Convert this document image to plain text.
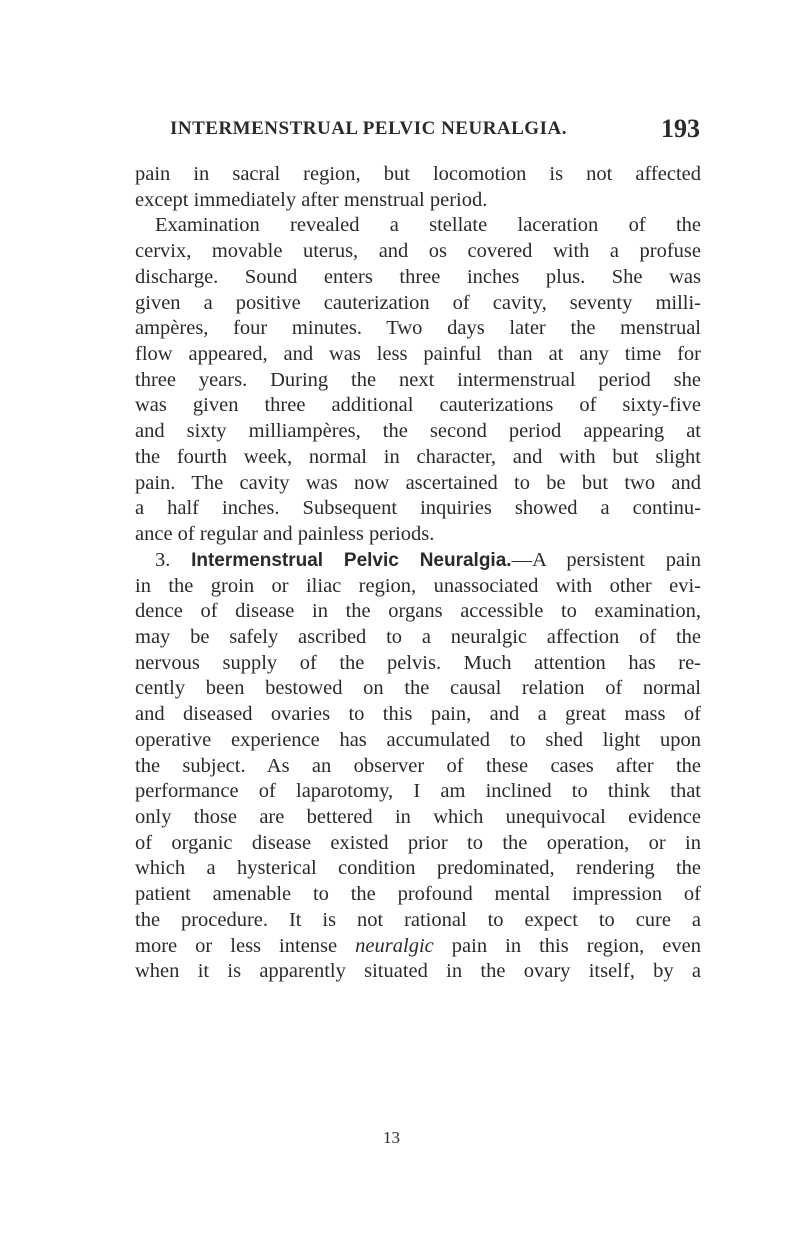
INTERMENSTRUAL PELVIC NEURALGIA.	193
pain in sacral region, but locomotion is not affected
except immediately after menstrual period.
Examination revealed a stellate laceration of the
cervix, movable uterus, and os covered with a profuse
discharge. Sound enters three inches plus. She was
given a positive cauterization of cavity, seventy milli-
ampères, four minutes. Two days later the menstrual
flow appeared, and was less painful than at any time for
three years. During the next intermenstrual period she
was given three additional cauterizations of sixty-five
and sixty milliampères, the second period appearing at
the fourth week, normal in character, and with but slight
pain. The cavity was now ascertained to be but two and
a half inches. Subsequent inquiries showed a continu-
ance of regular and painless periods.
3. Intermenstrual Pelvic Neuralgia.—A persistent pain
in the groin or iliac region, unassociated with other evi-
dence of disease in the organs accessible to examination,
may be safely ascribed to a neuralgic affection of the
nervous supply of the pelvis. Much attention has re-
cently been bestowed on the causal relation of normal
and diseased ovaries to this pain, and a great mass of
operative experience has accumulated to shed light upon
the subject. As an observer of these cases after the
performance of laparotomy, I am inclined to think that
only those are bettered in which unequivocal evidence
of organic disease existed prior to the operation, or in
which a hysterical condition predominated, rendering the
patient amenable to the profound mental impression of
the procedure. It is not rational to expect to cure a
more or less intense neuralgic pain in this region, even
when it is apparently situated in the ovary itself, by a
13
